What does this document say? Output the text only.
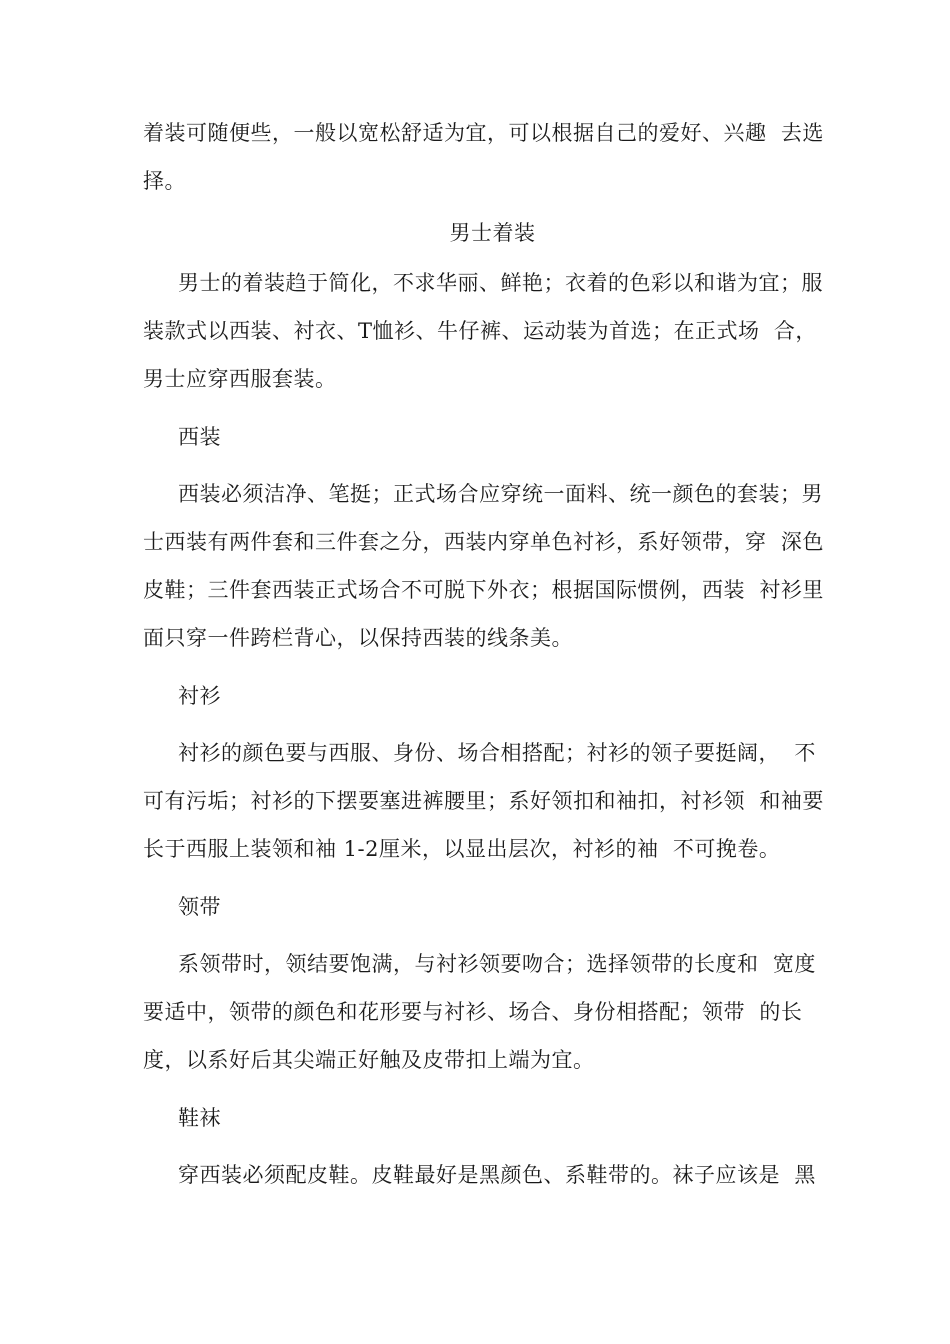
着装可随便些，一般以宽松舒适为宜，可以根据自己的爱好、兴趣  去选

择。

男士着装

男士的着装趋于简化，不求华丽、鲜艳；衣着的色彩以和谐为宜；服

装款式以西装、衬衣、T恤衫、牛仔裤、运动装为首选；在正式场  合，

男士应穿西服套装。

西装

西装必须洁净、笔挺；正式场合应穿统一面料、统一颜色的套装；男

士西装有两件套和三件套之分，西装内穿单色衬衫，系好领带，穿  深色

皮鞋；三件套西装正式场合不可脱下外衣；根据国际惯例，西装  衬衫里

面只穿一件跨栏背心，以保持西装的线条美。

衬衫

衬衫的颜色要与西服、身份、场合相搭配；衬衫的领子要挺阔，  不

可有污垢；衬衫的下摆要塞进裤腰里；系好领扣和袖扣，衬衫领  和袖要

长于西服上装领和袖 1-2厘米，以显出层次，衬衫的袖  不可挽卷。

领带

系领带时，领结要饱满，与衬衫领要吻合；选择领带的长度和  宽度

要适中，领带的颜色和花形要与衬衫、场合、身份相搭配；领带  的长

度，以系好后其尖端正好触及皮带扣上端为宜。

鞋袜

穿西装必须配皮鞋。皮鞋最好是黑颜色、系鞋带的。袜子应该是  黑
